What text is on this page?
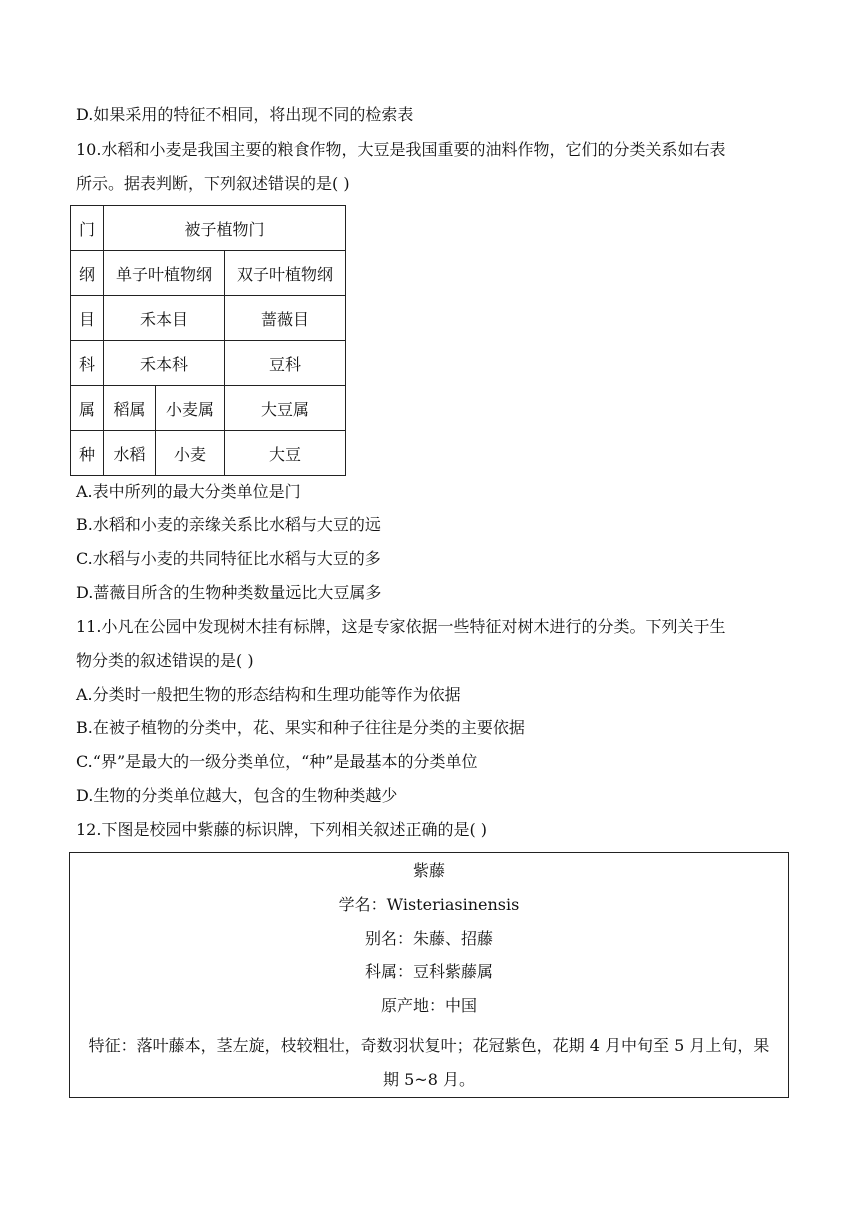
D.如果采用的特征不相同，将出现不同的检索表
10.水稻和小麦是我国主要的粮食作物，大豆是我国重要的油料作物，它们的分类关系如右表
所示。据表判断，下列叙述错误的是( )
门	被子植物门		
纲	单子叶植物纲		双子叶植物纲
目	禾本目		蔷薇目
科	禾本科		豆科
属	稻属	小麦属	大豆属
种	水稻	小麦	大豆
A.表中所列的最大分类单位是门
B.水稻和小麦的亲缘关系比水稻与大豆的远
C.水稻与小麦的共同特征比水稻与大豆的多
D.蔷薇目所含的生物种类数量远比大豆属多
11.小凡在公园中发现树木挂有标牌，这是专家依据一些特征对树木进行的分类。下列关于生
物分类的叙述错误的是( )
A.分类时一般把生物的形态结构和生理功能等作为依据
B.在被子植物的分类中，花、果实和种子往往是分类的主要依据
C.“界”是最大的一级分类单位，“种”是最基本的分类单位
D.生物的分类单位越大，包含的生物种类越少
12.下图是校园中紫藤的标识牌，下列相关叙述正确的是( )
紫藤
学名：Wisteriasinensis
别名：朱藤、招藤
科属：豆科紫藤属
原产地：中国
特征：落叶藤本，茎左旋，枝较粗壮，奇数羽状复叶；花冠紫色，花期 4 月中旬至 5 月上旬，果期 5~8 月。
